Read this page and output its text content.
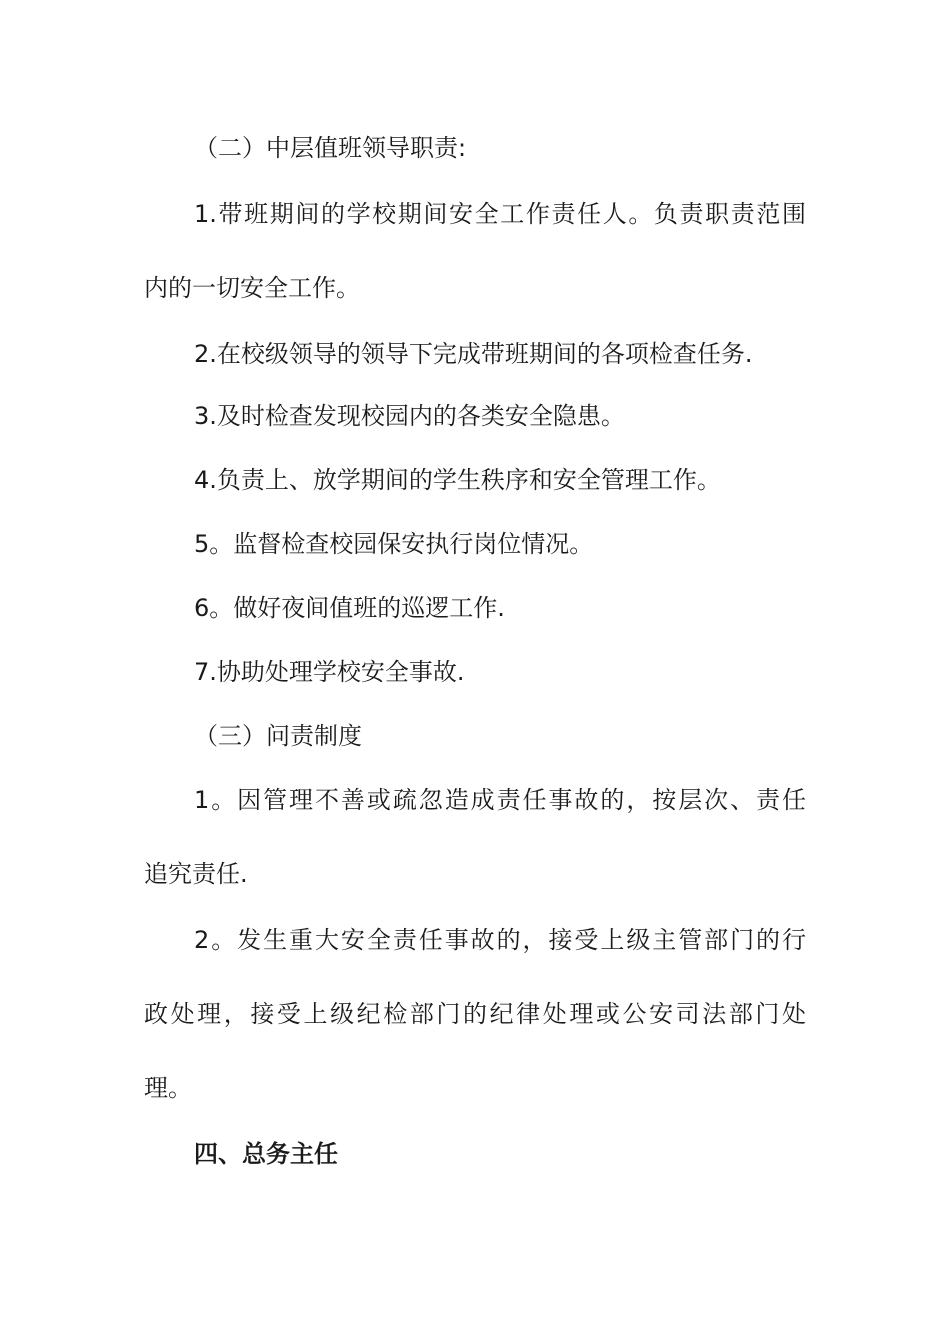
（二）中层值班领导职责:
1.带班期间的学校期间安全工作责任人。负责职责范围
内的一切安全工作。
2.在校级领导的领导下完成带班期间的各项检查任务.
3.及时检查发现校园内的各类安全隐患。
4.负责上、放学期间的学生秩序和安全管理工作。
5。监督检查校园保安执行岗位情况。
6。做好夜间值班的巡逻工作.
7.协助处理学校安全事故.
（三）问责制度
1。因管理不善或疏忽造成责任事故的，按层次、责任
追究责任.
2。发生重大安全责任事故的，接受上级主管部门的行
政处理，接受上级纪检部门的纪律处理或公安司法部门处
理。
四、总务主任
